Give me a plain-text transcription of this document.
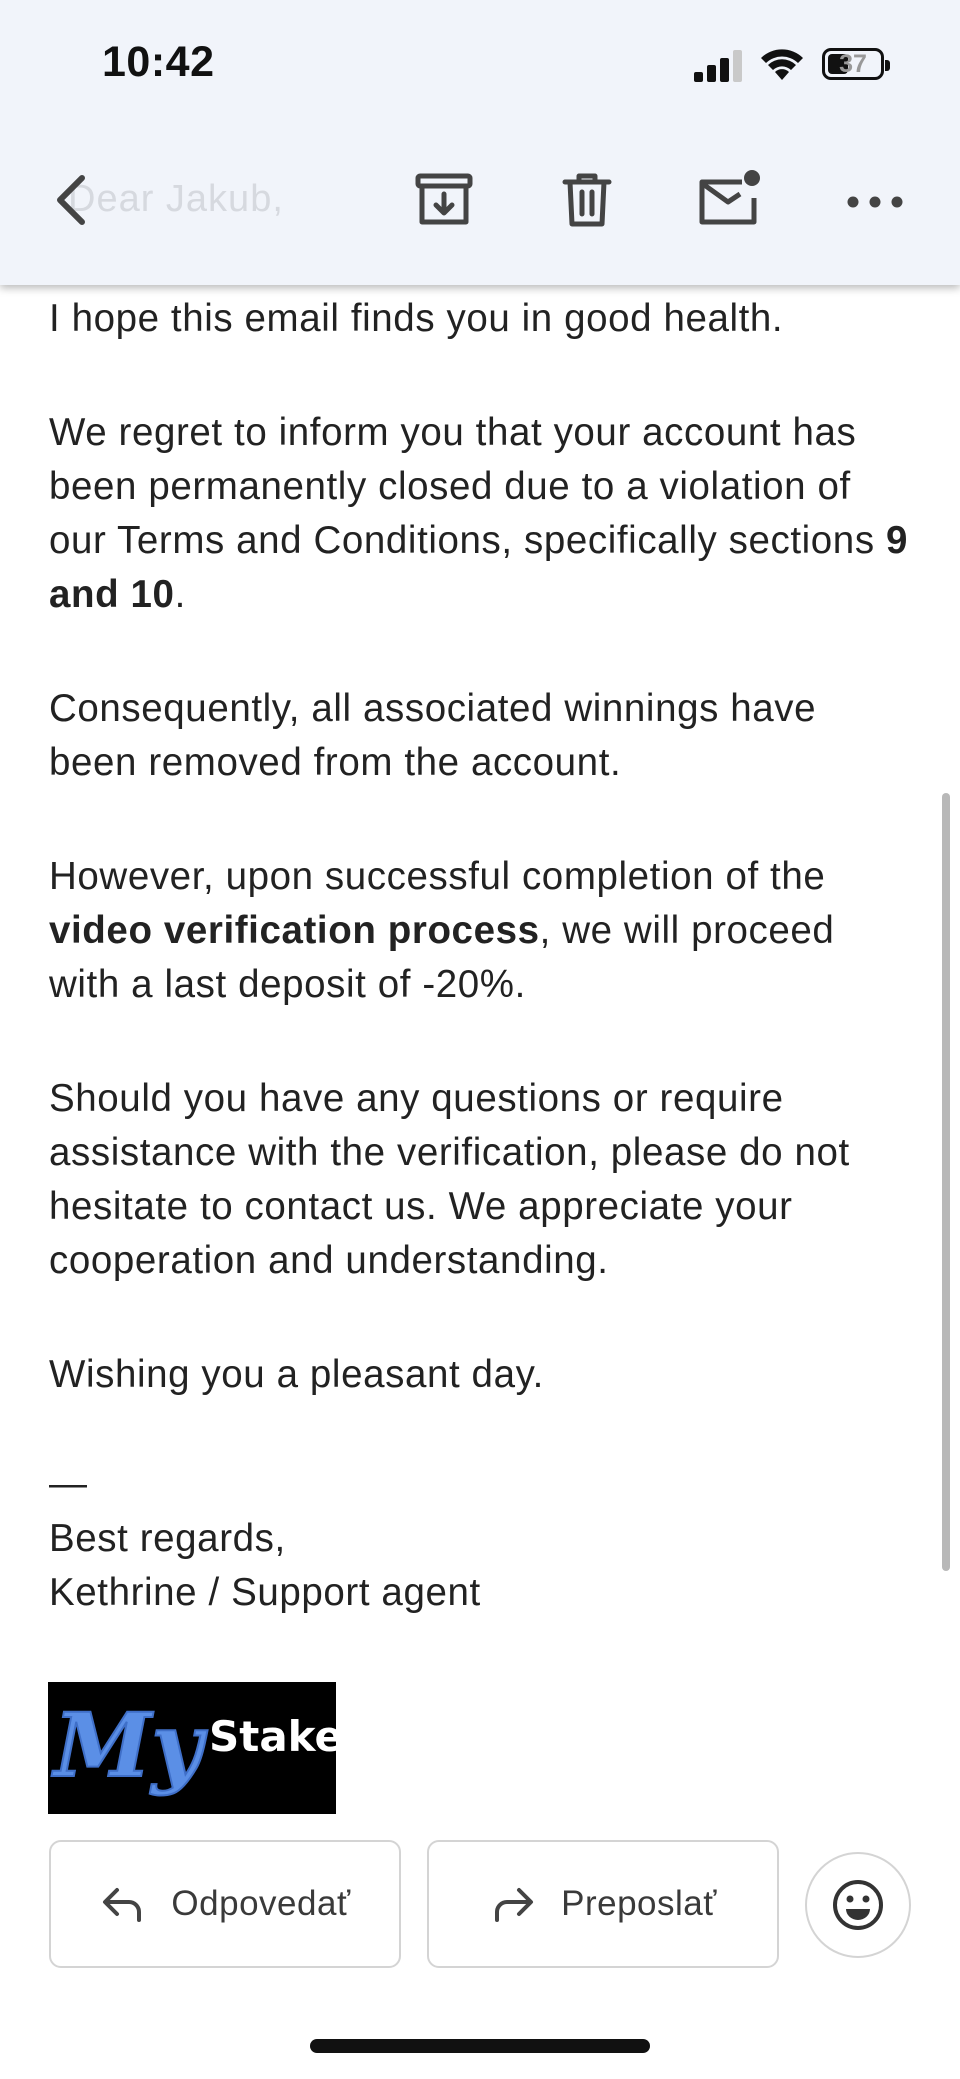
10:42	37
Dear Jakub,

I hope this email finds you in good health.

We regret to inform you that your account has been permanently closed due to a violation of our Terms and Conditions, specifically sections 9 and 10.

Consequently, all associated winnings have been removed from the account.

However, upon successful completion of the video verification process, we will proceed with a last deposit of -20%.

Should you have any questions or require assistance with the verification, please do not hesitate to contact us. We appreciate your cooperation and understanding.

Wishing you a pleasant day.

—
Best regards,
Kethrine / Support agent
My Stake
Odpovedať	Preposlať
